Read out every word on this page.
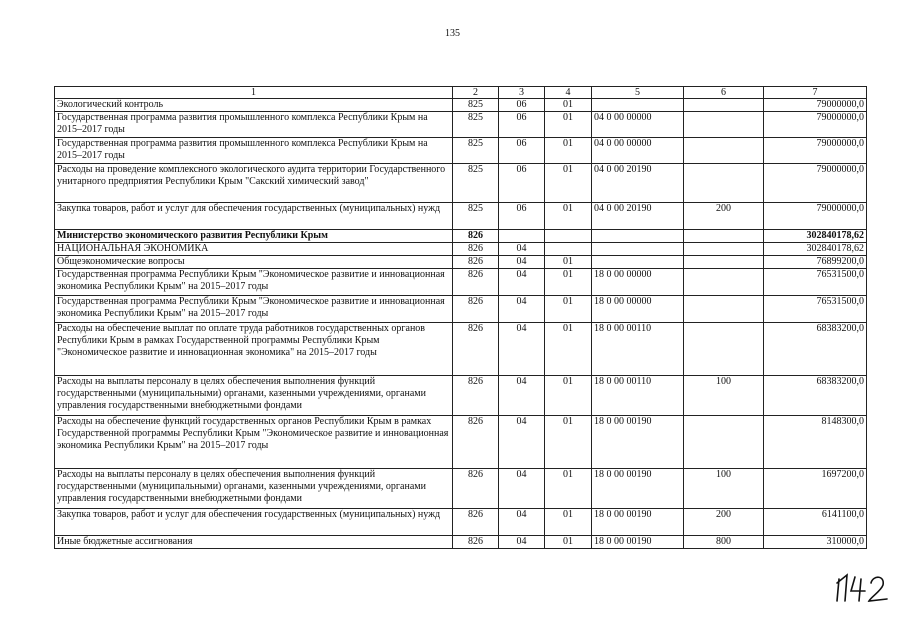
135
1	2	3	4	5	6	7
Экологический контроль	825	06	01			79000000,0
Государственная программа развития промышленного комплекса Республики Крым на 2015–2017 годы	825	06	01	04 0 00 00000		79000000,0
Государственная программа развития промышленного комплекса Республики Крым на 2015–2017 годы	825	06	01	04 0 00 00000		79000000,0
Расходы на проведение комплексного экологического аудита территории Государственного унитарного предприятия Республики Крым "Сакский химический завод"	825	06	01	04 0 00 20190		79000000,0
Закупка товаров, работ и услуг для обеспечения государственных (муниципальных) нужд	825	06	01	04 0 00 20190	200	79000000,0
Министерство экономического развития Республики Крым	826					302840178,62
НАЦИОНАЛЬНАЯ ЭКОНОМИКА	826	04				302840178,62
Общеэкономические вопросы	826	04	01			76899200,0
Государственная программа Республики Крым "Экономическое развитие и инновационная экономика Республики Крым" на 2015–2017 годы	826	04	01	18 0 00 00000		76531500,0
Государственная программа Республики Крым "Экономическое развитие и инновационная экономика Республики Крым" на 2015–2017 годы	826	04	01	18 0 00 00000		76531500,0
Расходы на обеспечение выплат по оплате труда работников государственных органов Республики Крым в рамках Государственной программы Республики Крым "Экономическое развитие и инновационная экономика" на 2015–2017 годы	826	04	01	18 0 00 00110		68383200,0
Расходы на выплаты персоналу в целях обеспечения выполнения функций государственными (муниципальными) органами, казенными учреждениями, органами управления государственными внебюджетными фондами	826	04	01	18 0 00 00110	100	68383200,0
Расходы на обеспечение функций государственных органов Республики Крым в рамках Государственной программы Республики Крым "Экономическое развитие и инновационная экономика Республики Крым" на 2015–2017 годы	826	04	01	18 0 00 00190		8148300,0
Расходы на выплаты персоналу в целях обеспечения выполнения функций государственными (муниципальными) органами, казенными учреждениями, органами управления государственными внебюджетными фондами	826	04	01	18 0 00 00190	100	1697200,0
Закупка товаров, работ и услуг для обеспечения государственных (муниципальных) нужд	826	04	01	18 0 00 00190	200	6141100,0
Иные бюджетные ассигнования	826	04	01	18 0 00 00190	800	310000,0
